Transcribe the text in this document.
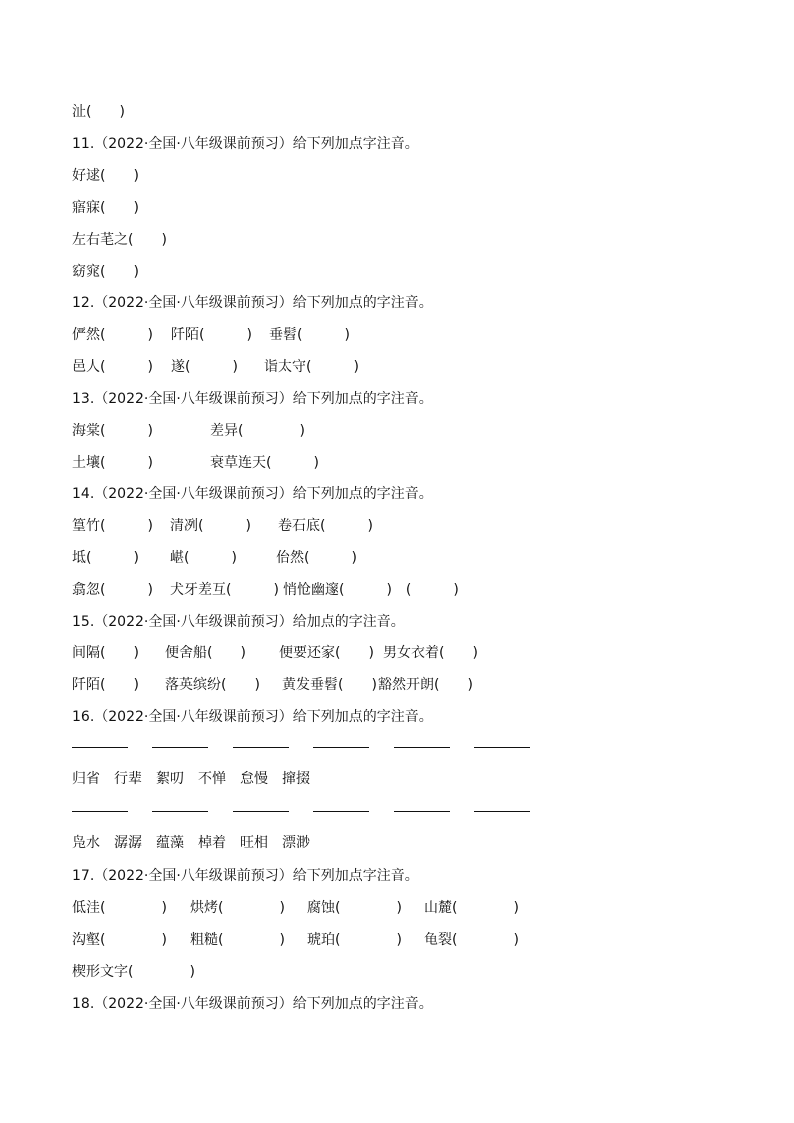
沚(　　)
11.（2022·全国·八年级课前预习）给下列加点字注音。
好逑(　　)
寤寐(　　)
左右芼之(　　)
窈窕(　　)
12.（2022·全国·八年级课前预习）给下列加点的字注音。
俨然(　　　) 阡陌(　　　) 垂髫(　　　)
邑人(　　　) 遂(　　　) 诣太守(　　　)
13.（2022·全国·八年级课前预习）给下列加点的字注音。
海棠(　　　)	差异(　　　　)
土壤(　　　)	衰草连天(　　　)
14.（2022·全国·八年级课前预习）给下列加点的字注音。
篁竹(　　　) 清冽(　　　) 卷石底(　　　)
坻(　　　) 嵁(　　　)	佁然(　　　)
翕忽(　　　) 犬牙差互(　　　) 悄怆幽邃(　　　)　(　　　)
15.（2022·全国·八年级课前预习）给加点的字注音。
间隔(　　) 便舍船(　　) 便要还家(　　) 男女衣着(　　)
阡陌(　　) 落英缤纷(　　) 黄发垂髫(　　) 豁然开朗(　　)
16.（2022·全国·八年级课前预习）给下列加点的字注音。
归省　行辈　絮叨　不惮　怠慢　撺掇
凫水　潺潺　蕴藻　棹着　旺相　漂渺
17.（2022·全国·八年级课前预习）给下列加点字注音。
低洼(　　　　) 烘烤(　　　　) 腐蚀(　　　　) 山麓(　　　　)
沟壑(　　　　) 粗糙(　　　　) 琥珀(　　　　) 龟裂(　　　　)
楔形文字(　　　　)
18.（2022·全国·八年级课前预习）给下列加点的字注音。
